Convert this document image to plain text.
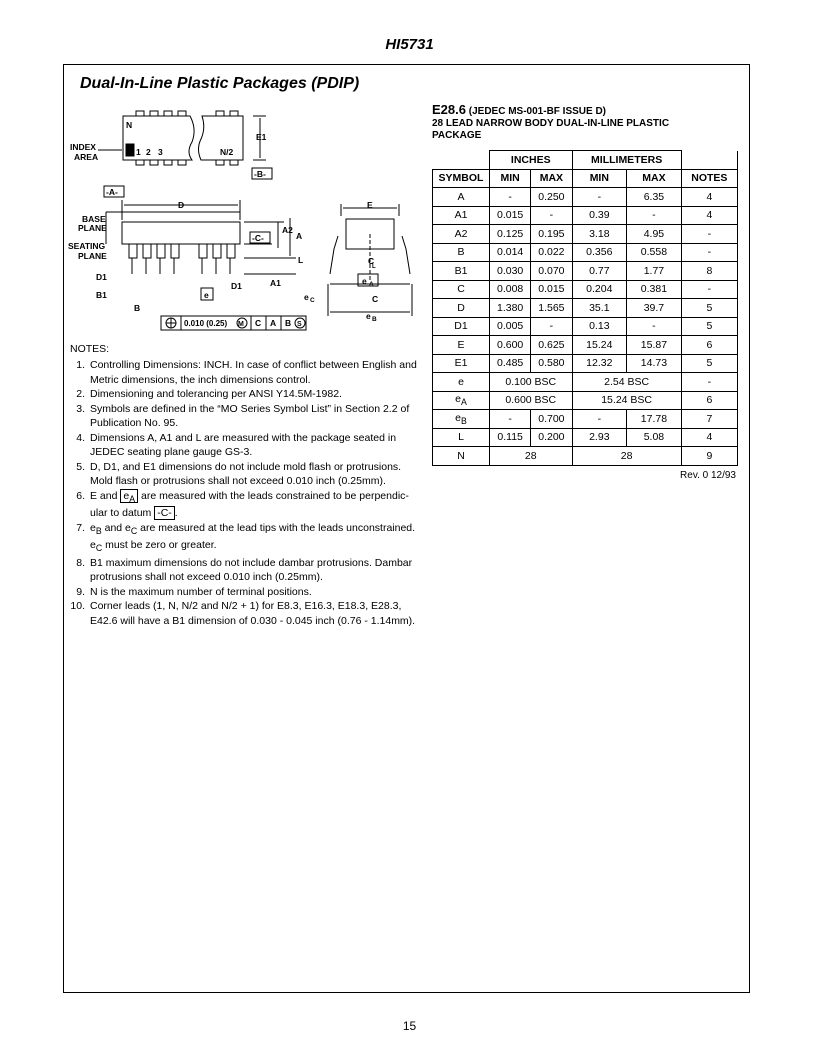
HI5731
Dual-In-Line Plastic Packages (PDIP)
N
1 2 3	N/2
INDEX
AREA
E1
-B-
-A-
D
BASE
PLANE
SEATING
PLANE
-C-
A2
A
L
A1
D1
D1
B1
B
e
E
C
L
e A
e C	C
e B
0.010 (0.25) M C A B S
E28.6 (JEDEC MS-001-BF ISSUE D)
28 LEAD NARROW BODY DUAL-IN-LINE PLASTIC
PACKAGE
	INCHES		MILLIMETERS		
SYMBOL	MIN	MAX	MIN	MAX	NOTES
A	-	0.250	-	6.35	4
A1	0.015	-	0.39	-	4
A2	0.125	0.195	3.18	4.95	-
B	0.014	0.022	0.356	0.558	-
B1	0.030	0.070	0.77	1.77	8
C	0.008	0.015	0.204	0.381	-
D	1.380	1.565	35.1	39.7	5
D1	0.005	-	0.13	-	5
E	0.600	0.625	15.24	15.87	6
E1	0.485	0.580	12.32	14.73	5
e	0.100 BSC		2.54 BSC		-
$e_A$	0.600 BSC		15.24 BSC		6
$e_B$	-	0.700	-	17.78	7
L	0.115	0.200	2.93	5.08	4
N	28		28		9
Rev. 0 12/93
NOTES:
1. Controlling Dimensions: INCH. In case of conflict between English and Metric dimensions, the inch dimensions control.
2. Dimensioning and tolerancing per ANSI Y14.5M-1982.
3. Symbols are defined in the “MO Series Symbol List” in Section 2.2 of Publication No. 95.
4. Dimensions A, A1 and L are measured with the package seated in JEDEC seating plane gauge GS-3.
5. D, D1, and E1 dimensions do not include mold flash or protrusions. Mold flash or protrusions shall not exceed 0.010 inch (0.25mm).
6. E and $e_A$ are measured with the leads constrained to be perpendic- ular to datum -C- .
7. $e_B$ and $e_C$ are measured at the lead tips with the leads unconstrained. $e_C$ must be zero or greater.
8. B1 maximum dimensions do not include dambar protrusions. Dambar protrusions shall not exceed 0.010 inch (0.25mm).
9. N is the maximum number of terminal positions.
10. Corner leads (1, N, N/2 and N/2 + 1) for E8.3, E16.3, E18.3, E28.3, E42.6 will have a B1 dimension of 0.030 - 0.045 inch (0.76 - 1.14mm).
15
